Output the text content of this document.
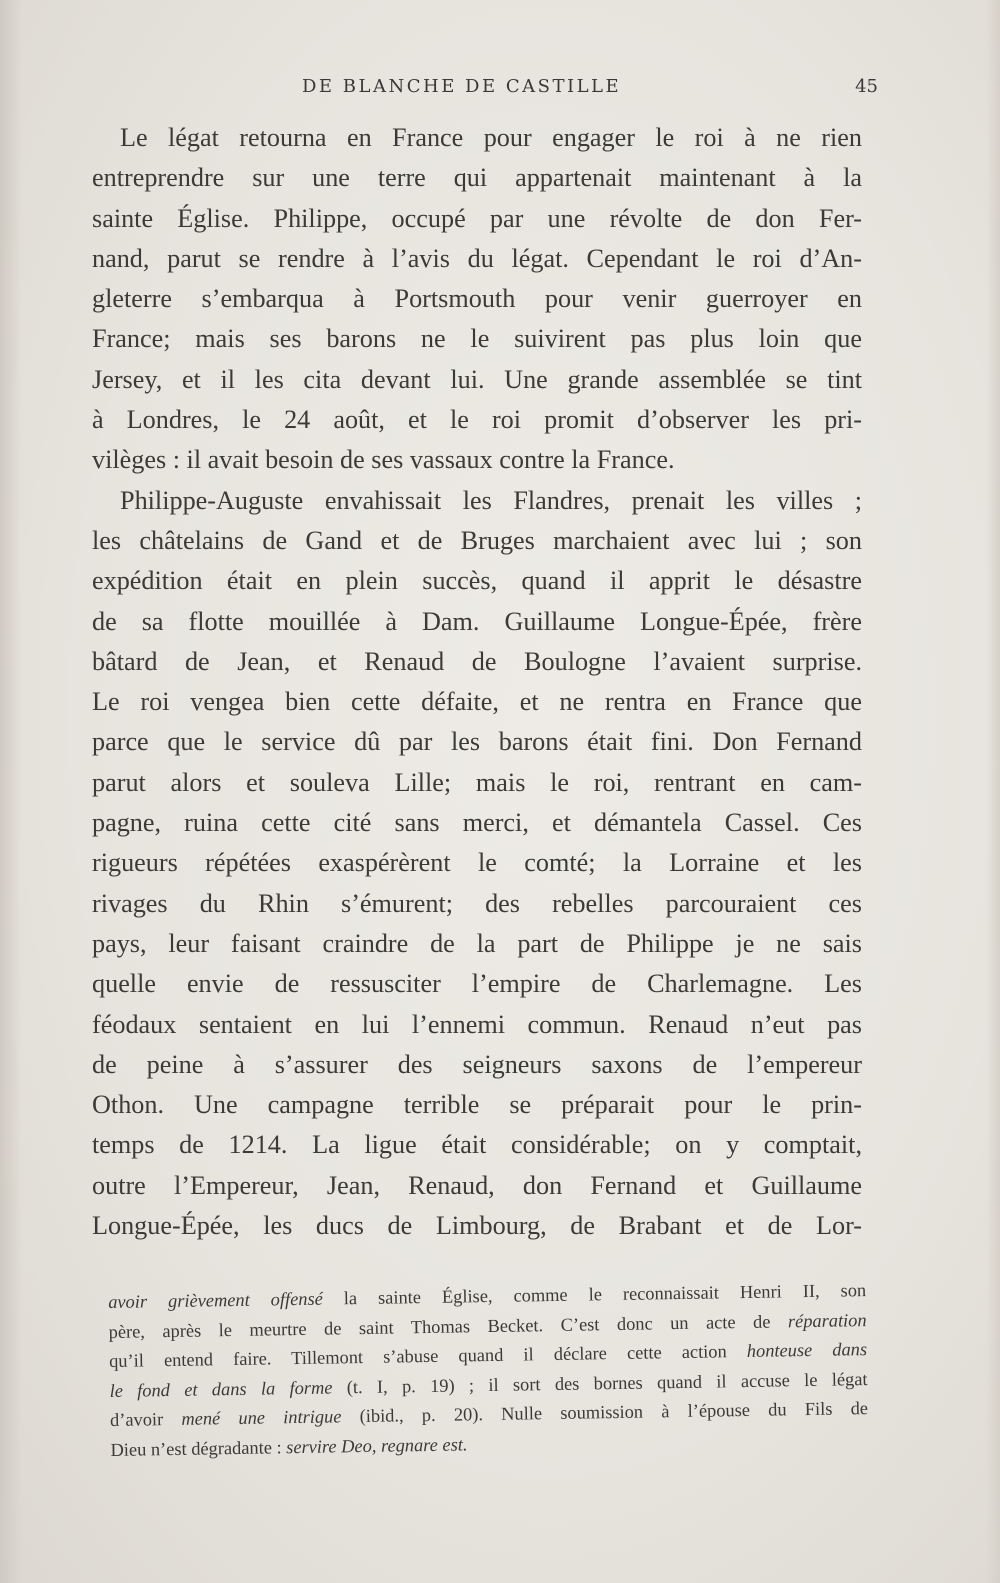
DE BLANCHE DE CASTILLE	45
Le légat retourna en France pour engager le roi à ne rien
entreprendre sur une terre qui appartenait maintenant à la
sainte Église. Philippe, occupé par une révolte de don Fer-
nand, parut se rendre à l’avis du légat. Cependant le roi d’An-
gleterre s’embarqua à Portsmouth pour venir guerroyer en
France; mais ses barons ne le suivirent pas plus loin que
Jersey, et il les cita devant lui. Une grande assemblée se tint
à Londres, le 24 août, et le roi promit d’observer les pri-
vilèges : il avait besoin de ses vassaux contre la France.
Philippe-Auguste envahissait les Flandres, prenait les villes ;
les châtelains de Gand et de Bruges marchaient avec lui ; son
expédition était en plein succès, quand il apprit le désastre
de sa flotte mouillée à Dam. Guillaume Longue-Épée, frère
bâtard de Jean, et Renaud de Boulogne l’avaient surprise.
Le roi vengea bien cette défaite, et ne rentra en France que
parce que le service dû par les barons était fini. Don Fernand
parut alors et souleva Lille; mais le roi, rentrant en cam-
pagne, ruina cette cité sans merci, et démantela Cassel. Ces
rigueurs répétées exaspérèrent le comté; la Lorraine et les
rivages du Rhin s’émurent; des rebelles parcouraient ces
pays, leur faisant craindre de la part de Philippe je ne sais
quelle envie de ressusciter l’empire de Charlemagne. Les
féodaux sentaient en lui l’ennemi commun. Renaud n’eut pas
de peine à s’assurer des seigneurs saxons de l’empereur
Othon. Une campagne terrible se préparait pour le prin-
temps de 1214. La ligue était considérable; on y comptait,
outre l’Empereur, Jean, Renaud, don Fernand et Guillaume
Longue-Épée, les ducs de Limbourg, de Brabant et de Lor-
avoir grièvement offensé la sainte Église, comme le reconnaissait Henri II, son
père, après le meurtre de saint Thomas Becket. C’est donc un acte de réparation
qu’il entend faire. Tillemont s’abuse quand il déclare cette action honteuse dans
le fond et dans la forme (t. I, p. 19) ; il sort des bornes quand il accuse le légat
d’avoir mené une intrigue (ibid., p. 20). Nulle soumission à l’épouse du Fils de
Dieu n’est dégradante : servire Deo, regnare est.
